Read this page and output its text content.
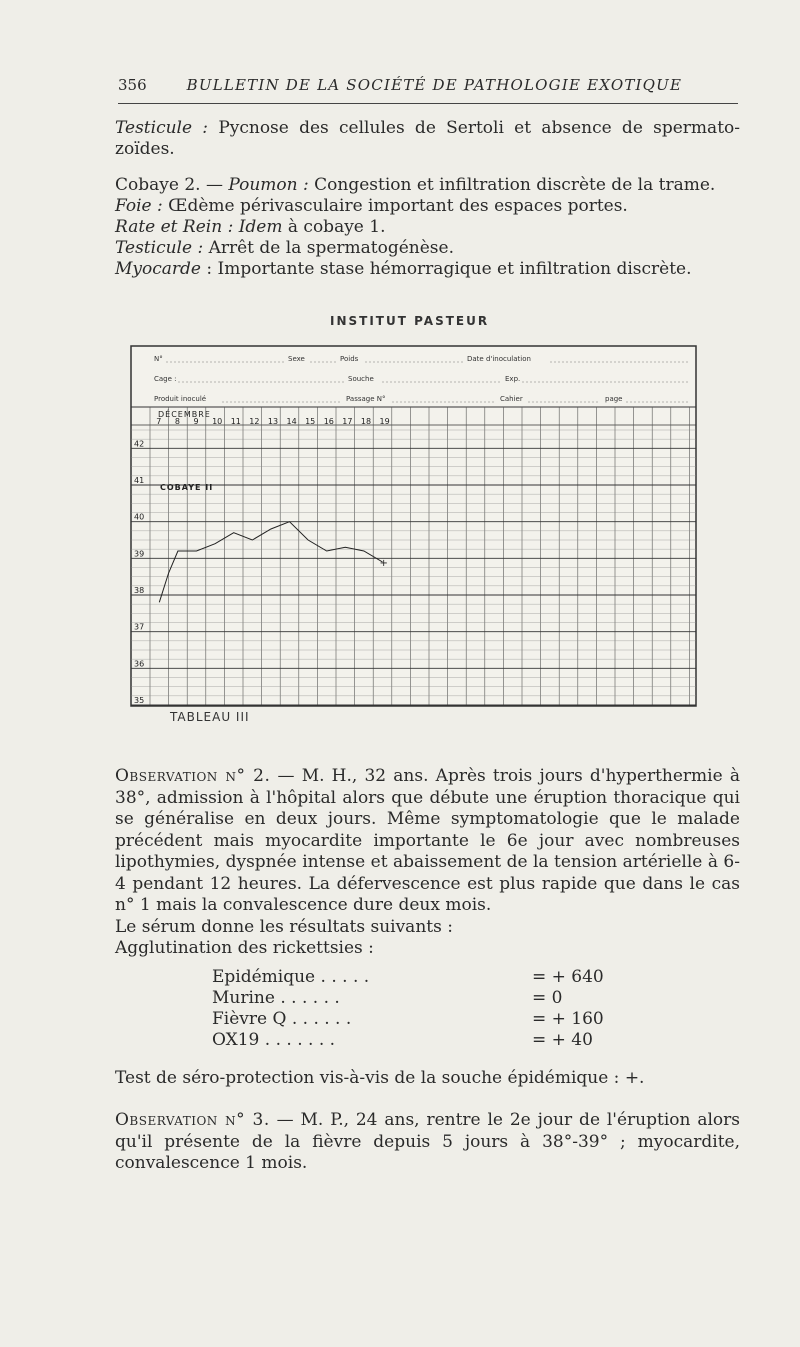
356	BULLETIN DE LA SOCIÉTÉ DE PATHOLOGIE EXOTIQUE

Testicule : Pycnose des cellules de Sertoli et absence de spermato-zoïdes.

Cobaye 2. — Poumon : Congestion et infiltration discrète de la trame.

Foie : Œdème périvasculaire important des espaces portes.

Rate et Rein : Idem à cobaye 1.

Testicule : Arrêt de la spermatogénèse.

Myocarde : Importante stase hémorragique et infiltration discrète.

INSTITUT PASTEUR
N°	Sexe	Poids	Date d'inoculation
Cage :	Souche	Exp.
Produit inoculé	Passage N°	Cahier	page
DÉCEMBRE
COBAYE II
7 8 9 10 11 12 13 14 15 16 17 18 19
42
41
40
39
38
37
36
35
+
TABLEAU III

Observation n° 2. — M. H., 32 ans. Après trois jours d'hyperthermie à 38°, admission à l'hôpital alors que débute une éruption thoracique qui se généralise en deux jours. Même symptomatologie que le malade précédent mais myocardite importante le 6e jour avec nombreuses lipothymies, dyspnée intense et abaissement de la tension artérielle à 6-4 pendant 12 heures. La défervescence est plus rapide que dans le cas n° 1 mais la convalescence dure deux mois.

Le sérum donne les résultats suivants :

Agglutination des rickettsies :

Epidémique . . . . .	= + 640
Murine . . . . . .	= 0
Fièvre Q . . . . . .	= + 160
OX19 . . . . . . .	= + 40

Test de séro-protection vis-à-vis de la souche épidémique : +.

Observation n° 3. — M. P., 24 ans, rentre le 2e jour de l'éruption alors qu'il présente de la fièvre depuis 5 jours à 38°-39° ; myocardite, convalescence 1 mois.
